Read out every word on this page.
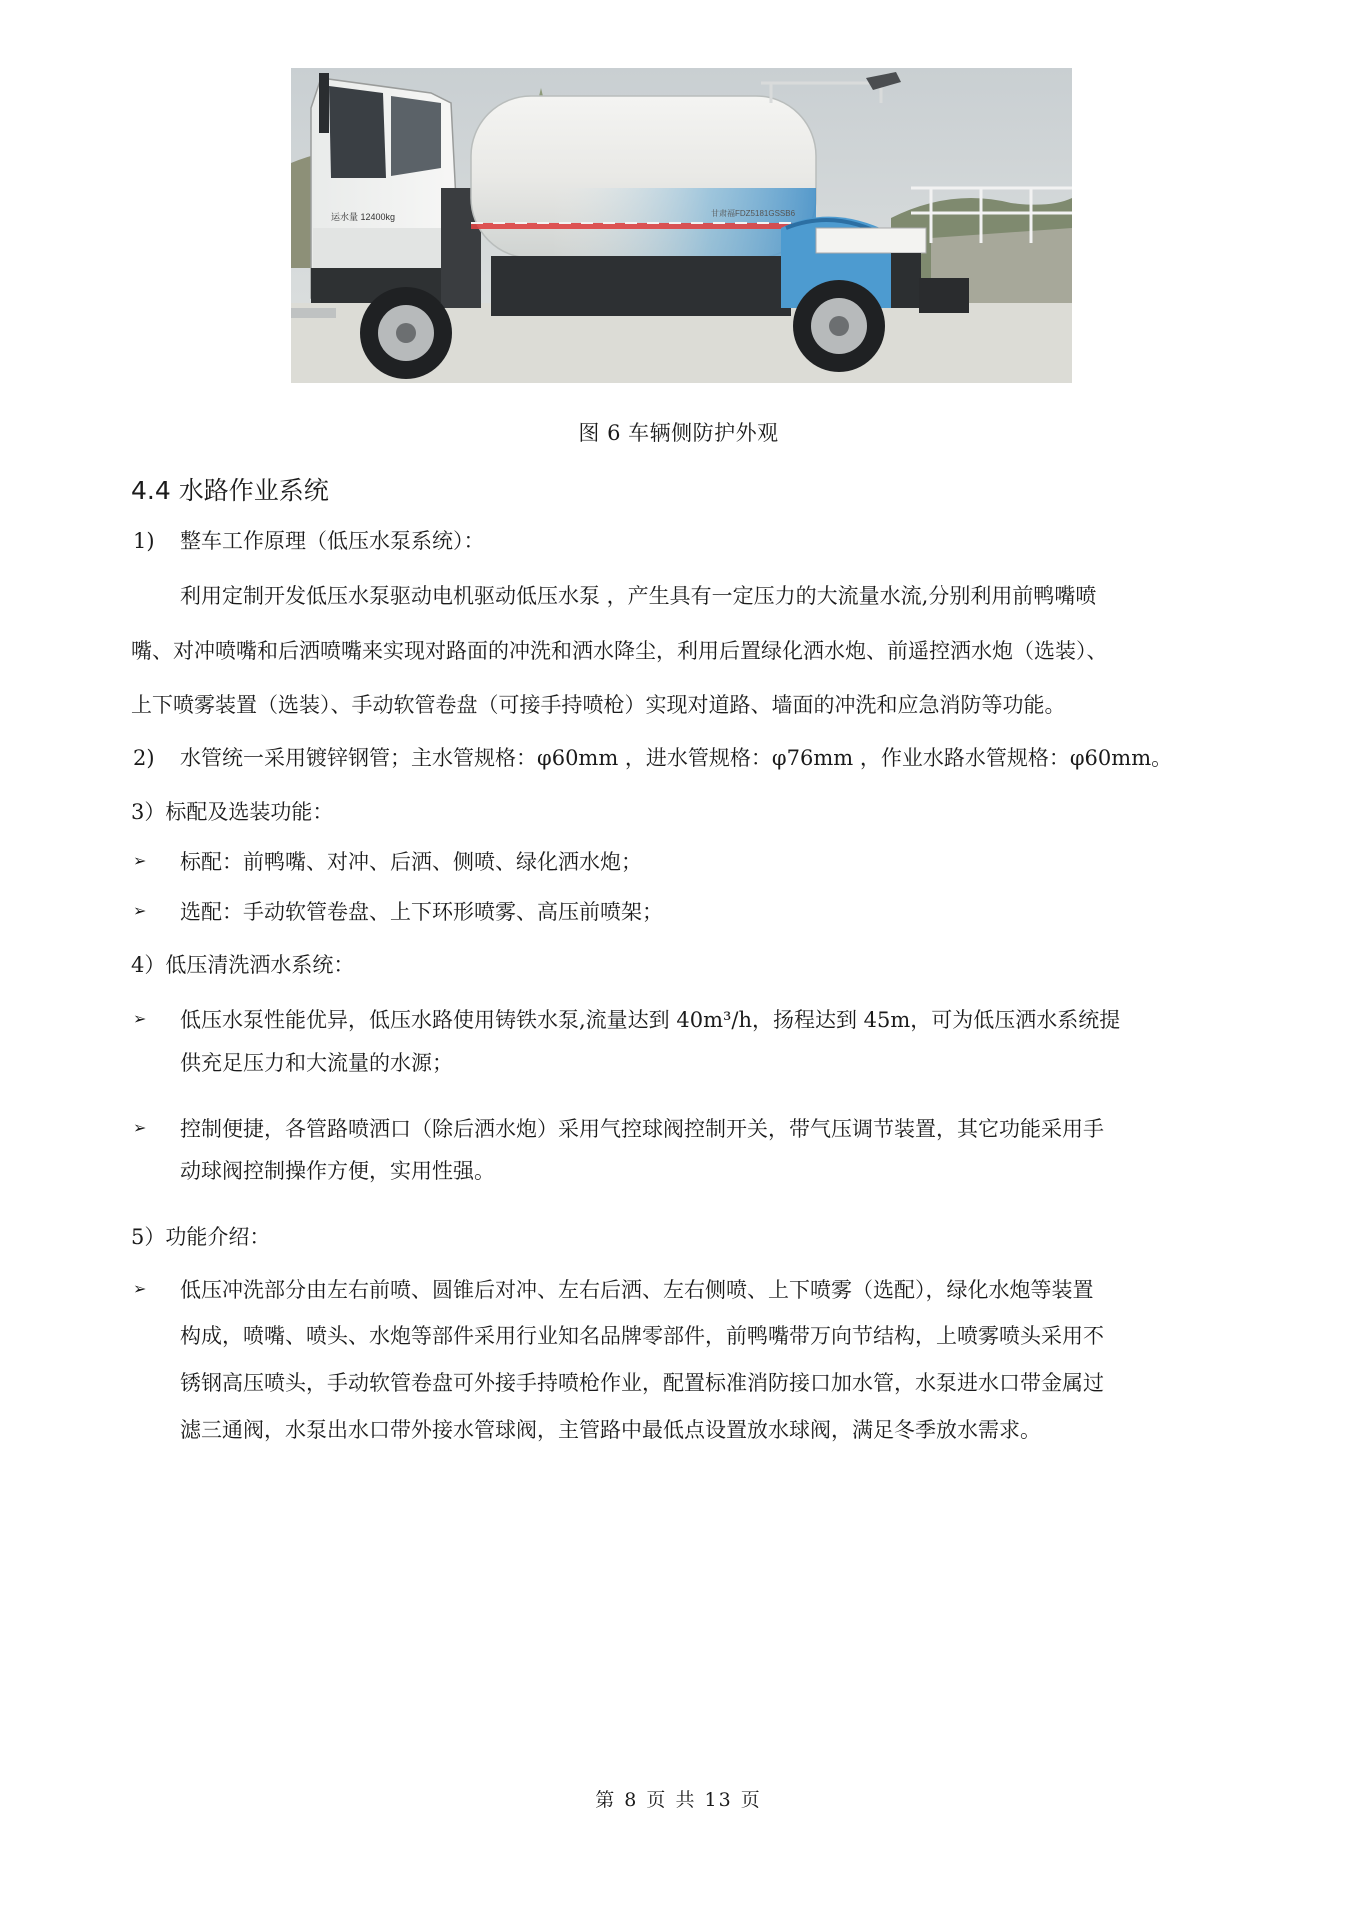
运水量 12400kg	甘肃福FDZ5181GSSB6
图 6 车辆侧防护外观
4.4 水路作业系统
1) 整车工作原理（低压水泵系统）：
利用定制开发低压水泵驱动电机驱动低压水泵 ，产生具有一定压力的大流量水流,分别利用前鸭嘴喷
嘴、对冲喷嘴和后洒喷嘴来实现对路面的冲洗和洒水降尘，利用后置绿化洒水炮、前遥控洒水炮（选装）、
上下喷雾装置（选装）、手动软管卷盘（可接手持喷枪）实现对道路、墙面的冲洗和应急消防等功能。
2) 水管统一采用镀锌钢管；主水管规格：φ60mm ，进水管规格：φ76mm ，作业水路水管规格：φ60mm。
3）标配及选装功能：
➢ 标配：前鸭嘴、对冲、后洒、侧喷、绿化洒水炮；
➢ 选配：手动软管卷盘、上下环形喷雾、高压前喷架；
4）低压清洗洒水系统：
➢ 低压水泵性能优异，低压水路使用铸铁水泵,流量达到 40m³/h，扬程达到 45m，可为低压洒水系统提
供充足压力和大流量的水源；
➢ 控制便捷，各管路喷洒口（除后洒水炮）采用气控球阀控制开关，带气压调节装置，其它功能采用手
动球阀控制操作方便，实用性强。
5）功能介绍：
➢ 低压冲洗部分由左右前喷、圆锥后对冲、左右后洒、左右侧喷、上下喷雾（选配），绿化水炮等装置
构成，喷嘴、喷头、水炮等部件采用行业知名品牌零部件，前鸭嘴带万向节结构，上喷雾喷头采用不
锈钢高压喷头，手动软管卷盘可外接手持喷枪作业，配置标准消防接口加水管，水泵进水口带金属过
滤三通阀，水泵出水口带外接水管球阀，主管路中最低点设置放水球阀，满足冬季放水需求。
第 8 页 共 13 页
